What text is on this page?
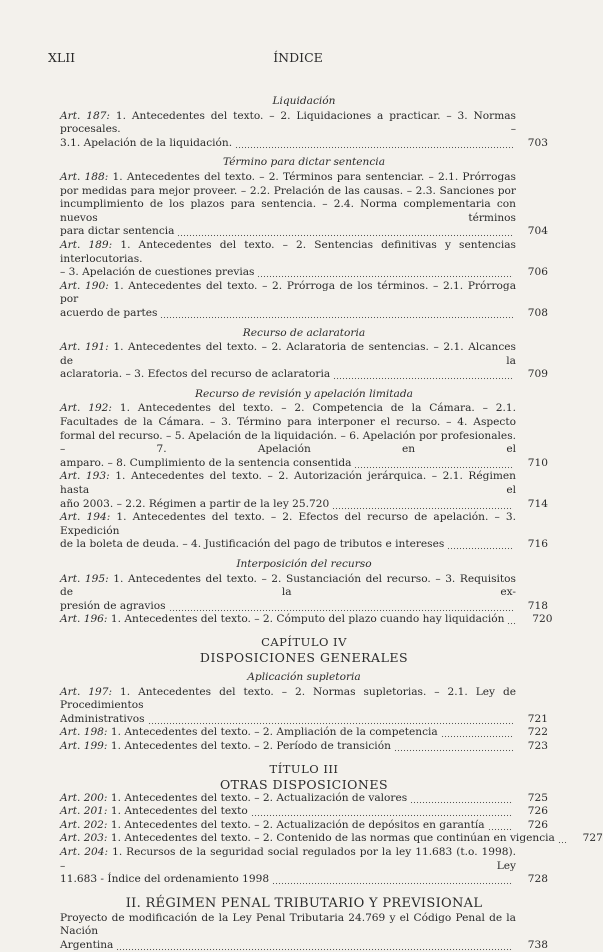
XLII	ÍNDICE
Liquidación
Art. 187: 1. Antecedentes del texto. – 2. Liquidaciones a practicar. – 3. Normas procesales. –
3.1. Apelación de la liquidación.	703
Término para dictar sentencia
Art. 188: 1. Antecedentes del texto. – 2. Términos para sentenciar. – 2.1. Prórrogas por medidas para mejor proveer. – 2.2. Prelación de las causas. – 2.3. Sanciones por incumplimiento de los plazos para sentencia. – 2.4. Norma complementaria con nuevos términos
para dictar sentencia	704
Art. 189: 1. Antecedentes del texto. – 2. Sentencias definitivas y sentencias interlocutorias.
– 3. Apelación de cuestiones previas	706
Art. 190: 1. Antecedentes del texto. – 2. Prórroga de los términos. – 2.1. Prórroga por
acuerdo de partes	708
Recurso de aclaratoria
Art. 191: 1. Antecedentes del texto. – 2. Aclaratoria de sentencias. – 2.1. Alcances de la
aclaratoria. – 3. Efectos del recurso de aclaratoria	709
Recurso de revisión y apelación limitada
Art. 192: 1. Antecedentes del texto. – 2. Competencia de la Cámara. – 2.1. Facultades de la Cámara. – 3. Término para interponer el recurso. – 4. Aspecto formal del recurso. – 5. Apelación de la liquidación. – 6. Apelación por profesionales. – 7. Apelación en el
amparo. – 8. Cumplimiento de la sentencia consentida	710
Art. 193: 1. Antecedentes del texto. – 2. Autorización jerárquica. – 2.1. Régimen hasta el
año 2003. – 2.2. Régimen a partir de la ley 25.720	714
Art. 194: 1. Antecedentes del texto. – 2. Efectos del recurso de apelación. – 3. Expedición
de la boleta de deuda. – 4. Justificación del pago de tributos e intereses	716
Interposición del recurso
Art. 195: 1. Antecedentes del texto. – 2. Sustanciación del recurso. – 3. Requisitos de la ex-
presión de agravios	718
Art. 196:
1. Antecedentes del texto. – 2. Cómputo del plazo cuando hay liquidación	720
CAPÍTULO IV
DISPOSICIONES GENERALES
Aplicación supletoria
Art. 197: 1. Antecedentes del texto. – 2. Normas supletorias. – 2.1. Ley de Procedimientos
Administrativos	721
Art. 198:
1. Antecedentes del texto. – 2. Ampliación de la competencia	722
Art. 199:
1. Antecedentes del texto. – 2. Período de transición	723
TÍTULO III
OTRAS DISPOSICIONES
Art. 200:
1. Antecedentes del texto. – 2. Actualización de valores	725
Art. 201:
1. Antecedentes del texto	726
Art. 202:
1. Antecedentes del texto. – 2. Actualización de depósitos en garantía	726
Art. 203:
1. Antecedentes del texto. – 2. Contenido de las normas que continúan en vigencia	727
Art. 204: 1. Recursos de la seguridad social regulados por la ley 11.683 (t.o. 1998). – Ley
11.683 - Índice del ordenamiento 1998	728
II. RÉGIMEN PENAL TRIBUTARIO Y PREVISIONAL
Proyecto de modificación de la Ley Penal Tributaria 24.769 y el Código Penal de la Nación
Argentina	738
